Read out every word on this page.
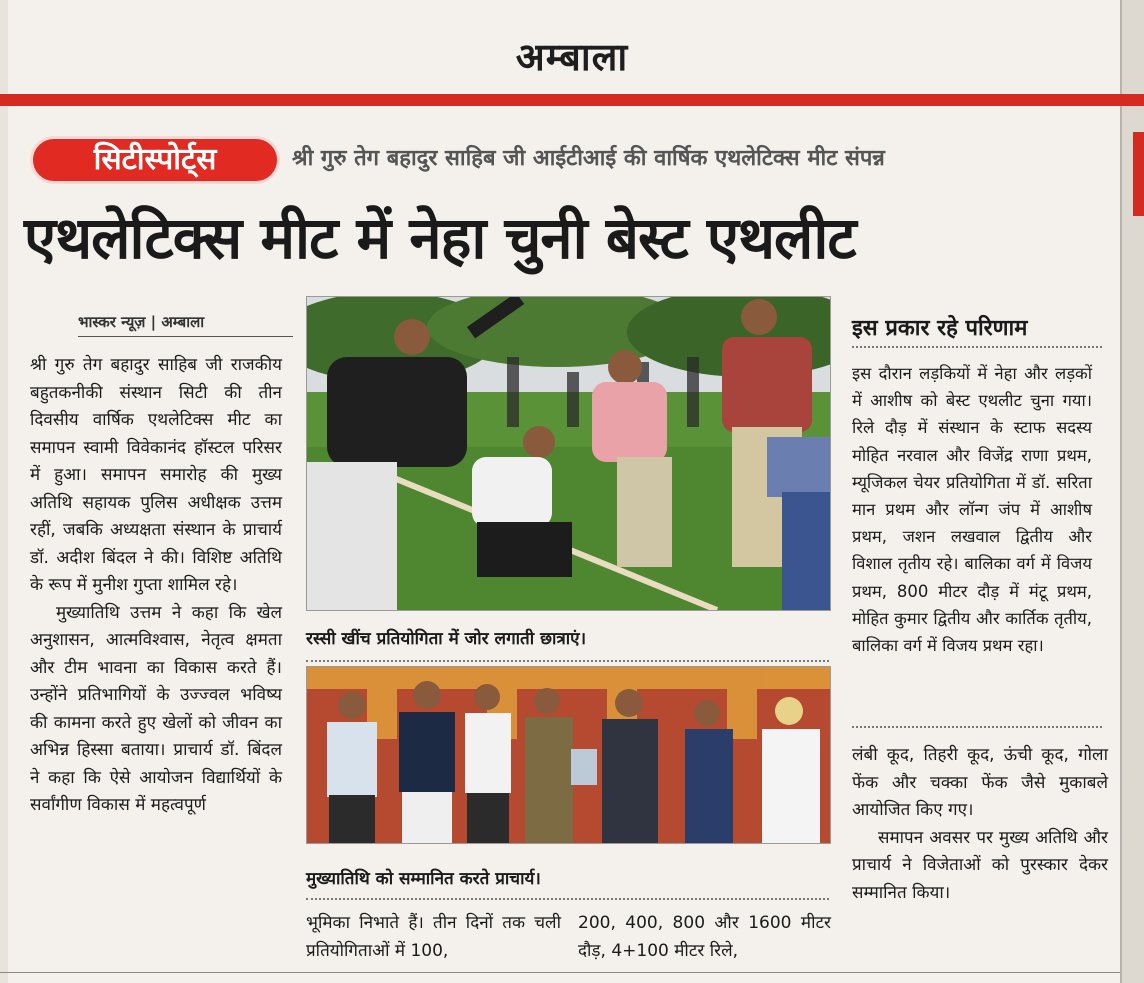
अम्बाला
सिटीस्पोर्ट्स	श्री गुरु तेग बहादुर साहिब जी आईटीआई की वार्षिक एथलेटिक्स मीट संपन्न
एथलेटिक्स मीट में नेहा चुनी बेस्ट एथलीट
भास्कर न्यूज़ | अम्बाला

श्री गुरु तेग बहादुर साहिब जी राजकीय बहुतकनीकी संस्थान सिटी की तीन दिवसीय वार्षिक एथलेटिक्स मीट का समापन स्वामी विवेकानंद हॉस्टल परिसर में हुआ। समापन समारोह की मुख्य अतिथि सहायक पुलिस अधीक्षक उत्तम रहीं, जबकि अध्यक्षता संस्थान के प्राचार्य डॉ. अदीश बिंदल ने की। विशिष्ट अतिथि के रूप में मुनीश गुप्ता शामिल रहे।

मुख्यातिथि उत्तम ने कहा कि खेल अनुशासन, आत्मविश्वास, नेतृत्व क्षमता और टीम भावना का विकास करते हैं। उन्होंने प्रतिभागियों के उज्ज्वल भविष्य की कामना करते हुए खेलों को जीवन का अभिन्न हिस्सा बताया। प्राचार्य डॉ. बिंदल ने कहा कि ऐसे आयोजन विद्यार्थियों के सर्वांगीण विकास में महत्वपूर्ण

रस्सी खींच प्रतियोगिता में जोर लगाती छात्राएं।
मुख्यातिथि को सम्मानित करते प्राचार्य।

भूमिका निभाते हैं। तीन दिनों तक चली प्रतियोगिताओं में 100,

200, 400, 800 और 1600 मीटर दौड़, 4+100 मीटर रिले,

इस प्रकार रहे परिणाम

इस दौरान लड़कियों में नेहा और लड़कों में आशीष को बेस्ट एथलीट चुना गया। रिले दौड़ में संस्थान के स्टाफ सदस्य मोहित नरवाल और विजेंद्र राणा प्रथम, म्यूजिकल चेयर प्रतियोगिता में डॉ. सरिता मान प्रथम और लॉन्ग जंप में आशीष प्रथम, जशन लखवाल द्वितीय और विशाल तृतीय रहे। बालिका वर्ग में विजय प्रथम, 800 मीटर दौड़ में मंटू प्रथम, मोहित कुमार द्वितीय और कार्तिक तृतीय, बालिका वर्ग में विजय प्रथम रहा।

लंबी कूद, तिहरी कूद, ऊंची कूद, गोला फेंक और चक्का फेंक जैसे मुकाबले आयोजित किए गए।

समापन अवसर पर मुख्य अतिथि और प्राचार्य ने विजेताओं को पुरस्कार देकर सम्मानित किया।
